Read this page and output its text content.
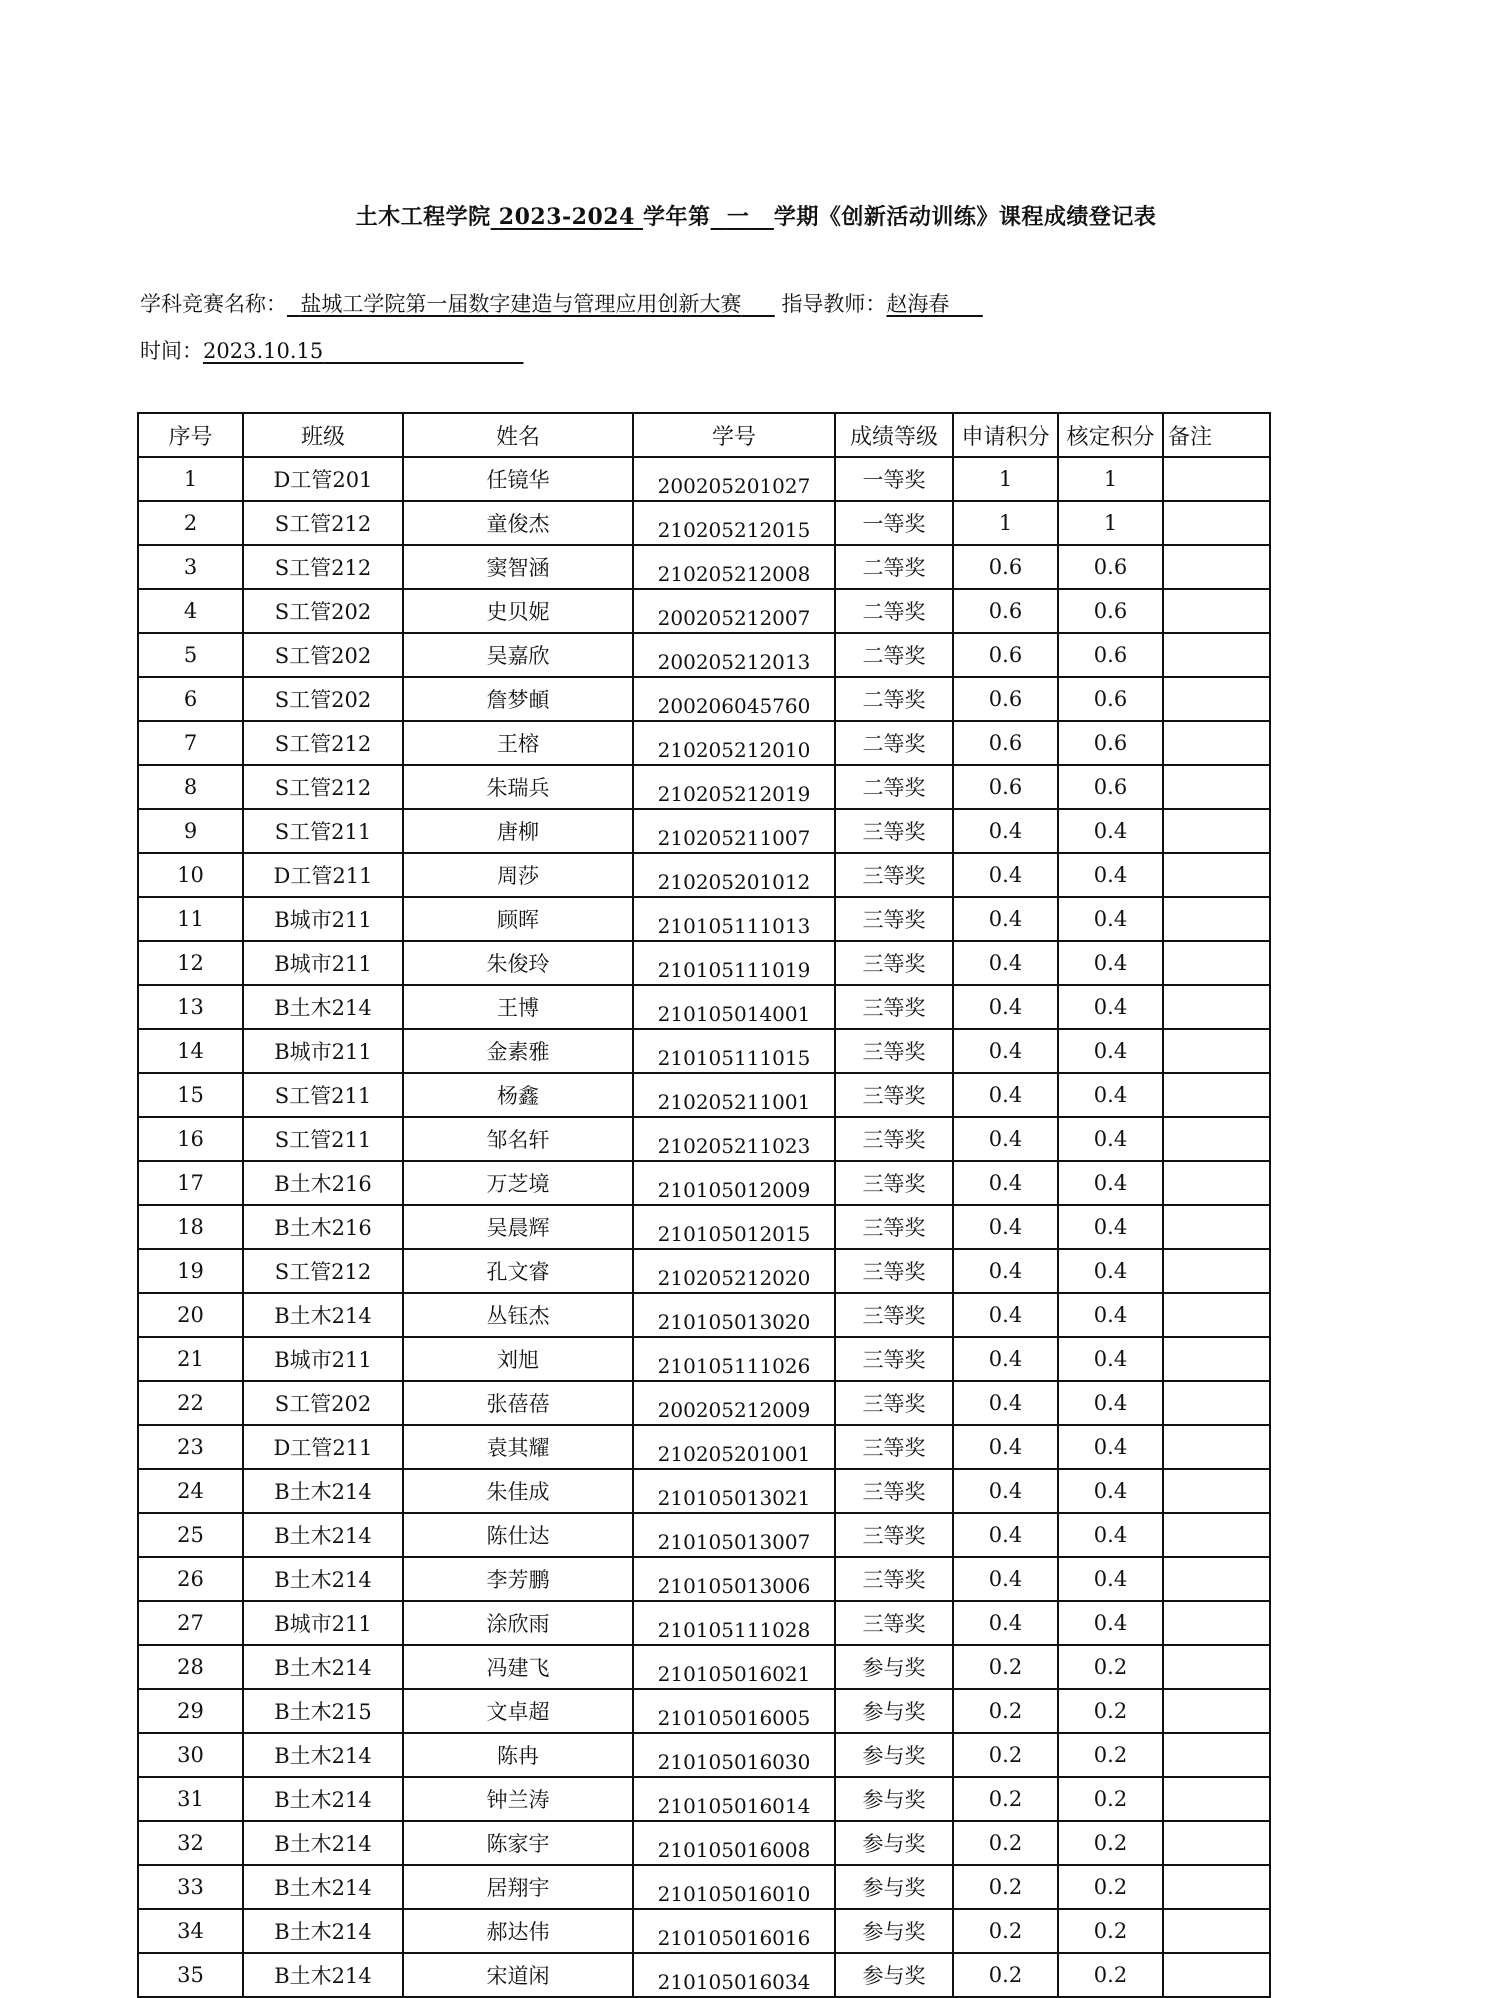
土木工程学院 2023-2024 学年第 一 学期《创新活动训练》课程成绩登记表
学科竞赛名称： 盐城工学院第一届数字建造与管理应用创新大赛 指导教师：赵海春
时间：2023.10.15
序号	班级	姓名	学号	成绩等级	申请积分	核定积分	备注
1	D工管201	任镜华	200205201027	一等奖	1	1	
2	S工管212	童俊杰	210205212015	一等奖	1	1	
3	S工管212	窦智涵	210205212008	二等奖	0.6	0.6	
4	S工管202	史贝妮	200205212007	二等奖	0.6	0.6	
5	S工管202	吴嘉欣	200205212013	二等奖	0.6	0.6	
6	S工管202	詹梦頔	200206045760	二等奖	0.6	0.6	
7	S工管212	王榕	210205212010	二等奖	0.6	0.6	
8	S工管212	朱瑞兵	210205212019	二等奖	0.6	0.6	
9	S工管211	唐柳	210205211007	三等奖	0.4	0.4	
10	D工管211	周莎	210205201012	三等奖	0.4	0.4	
11	B城市211	顾晖	210105111013	三等奖	0.4	0.4	
12	B城市211	朱俊玲	210105111019	三等奖	0.4	0.4	
13	B土木214	王博	210105014001	三等奖	0.4	0.4	
14	B城市211	金素雅	210105111015	三等奖	0.4	0.4	
15	S工管211	杨鑫	210205211001	三等奖	0.4	0.4	
16	S工管211	邹名轩	210205211023	三等奖	0.4	0.4	
17	B土木216	万芝境	210105012009	三等奖	0.4	0.4	
18	B土木216	吴晨辉	210105012015	三等奖	0.4	0.4	
19	S工管212	孔文睿	210205212020	三等奖	0.4	0.4	
20	B土木214	丛钰杰	210105013020	三等奖	0.4	0.4	
21	B城市211	刘旭	210105111026	三等奖	0.4	0.4	
22	S工管202	张蓓蓓	200205212009	三等奖	0.4	0.4	
23	D工管211	袁其耀	210205201001	三等奖	0.4	0.4	
24	B土木214	朱佳成	210105013021	三等奖	0.4	0.4	
25	B土木214	陈仕达	210105013007	三等奖	0.4	0.4	
26	B土木214	李芳鹏	210105013006	三等奖	0.4	0.4	
27	B城市211	涂欣雨	210105111028	三等奖	0.4	0.4	
28	B土木214	冯建飞	210105016021	参与奖	0.2	0.2	
29	B土木215	文卓超	210105016005	参与奖	0.2	0.2	
30	B土木214	陈冉	210105016030	参与奖	0.2	0.2	
31	B土木214	钟兰涛	210105016014	参与奖	0.2	0.2	
32	B土木214	陈家宇	210105016008	参与奖	0.2	0.2	
33	B土木214	居翔宇	210105016010	参与奖	0.2	0.2	
34	B土木214	郝达伟	210105016016	参与奖	0.2	0.2	
35	B土木214	宋道闲	210105016034	参与奖	0.2	0.2	
